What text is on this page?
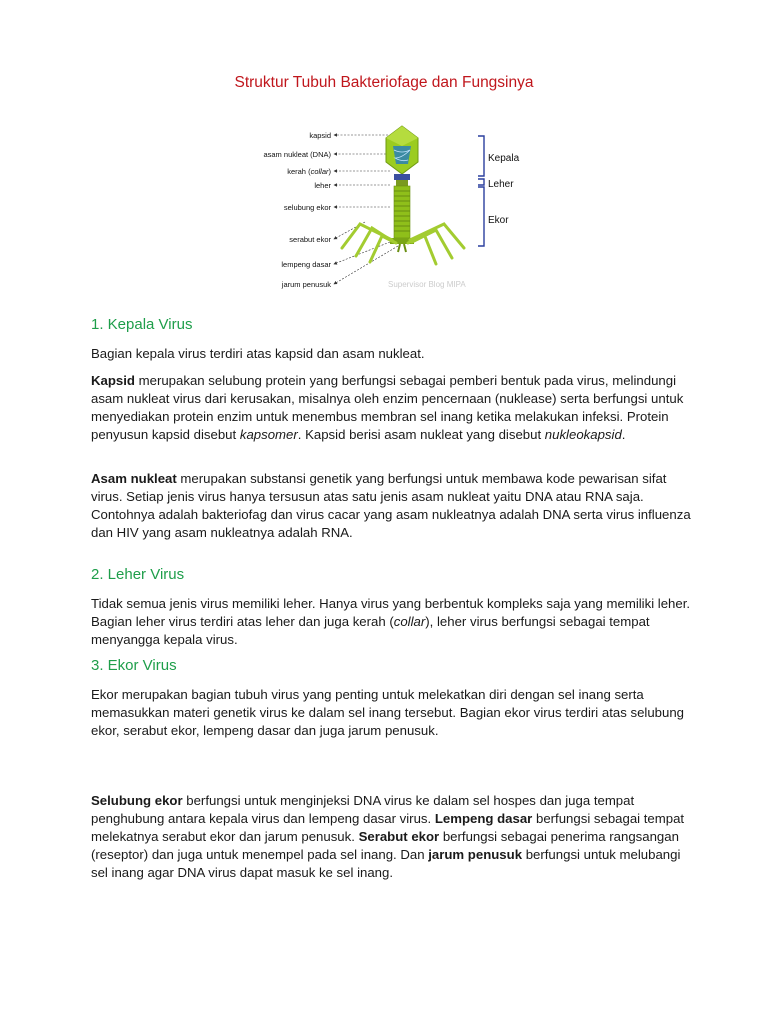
Struktur Tubuh Bakteriofage dan Fungsinya
kapsid
asam nukleat (DNA)
kerah (collar)
leher
selubung ekor
serabut ekor
lempeng dasar
jarum penusuk
Kepala
Leher
Ekor
Supervisor Blog MIPA
1. Kepala Virus

Bagian kepala virus terdiri atas kapsid dan asam nukleat.

Kapsid merupakan selubung protein yang berfungsi sebagai pemberi bentuk pada virus, melindungi asam nukleat virus dari kerusakan, misalnya oleh enzim pencernaan (nuklease) serta berfungsi untuk menyediakan protein enzim untuk menembus membran sel inang ketika melakukan infeksi. Protein penyusun kapsid disebut kapsomer. Kapsid berisi asam nukleat yang disebut nukleokapsid.

Asam nukleat merupakan substansi genetik yang berfungsi untuk membawa kode pewarisan sifat virus. Setiap jenis virus hanya tersusun atas satu jenis asam nukleat yaitu DNA atau RNA saja. Contohnya adalah bakteriofag dan virus cacar yang asam nukleatnya adalah DNA serta virus influenza dan HIV yang asam nukleatnya adalah RNA.

2. Leher Virus

Tidak semua jenis virus memiliki leher. Hanya virus yang berbentuk kompleks saja yang memiliki leher. Bagian leher virus terdiri atas leher dan juga kerah (collar), leher virus berfungsi sebagai tempat menyangga kepala virus.

3. Ekor Virus

Ekor merupakan bagian tubuh virus yang penting untuk melekatkan diri dengan sel inang serta memasukkan materi genetik virus ke dalam sel inang tersebut. Bagian ekor virus terdiri atas selubung ekor, serabut ekor, lempeng dasar dan juga jarum penusuk.

Selubung ekor berfungsi untuk menginjeksi DNA virus ke dalam sel hospes dan juga tempat penghubung antara kepala virus dan lempeng dasar virus. Lempeng dasar berfungsi sebagai tempat melekatnya serabut ekor dan jarum penusuk. Serabut ekor berfungsi sebagai penerima rangsangan (reseptor) dan juga untuk menempel pada sel inang. Dan jarum penusuk berfungsi untuk melubangi sel inang agar DNA virus dapat masuk ke sel inang.
